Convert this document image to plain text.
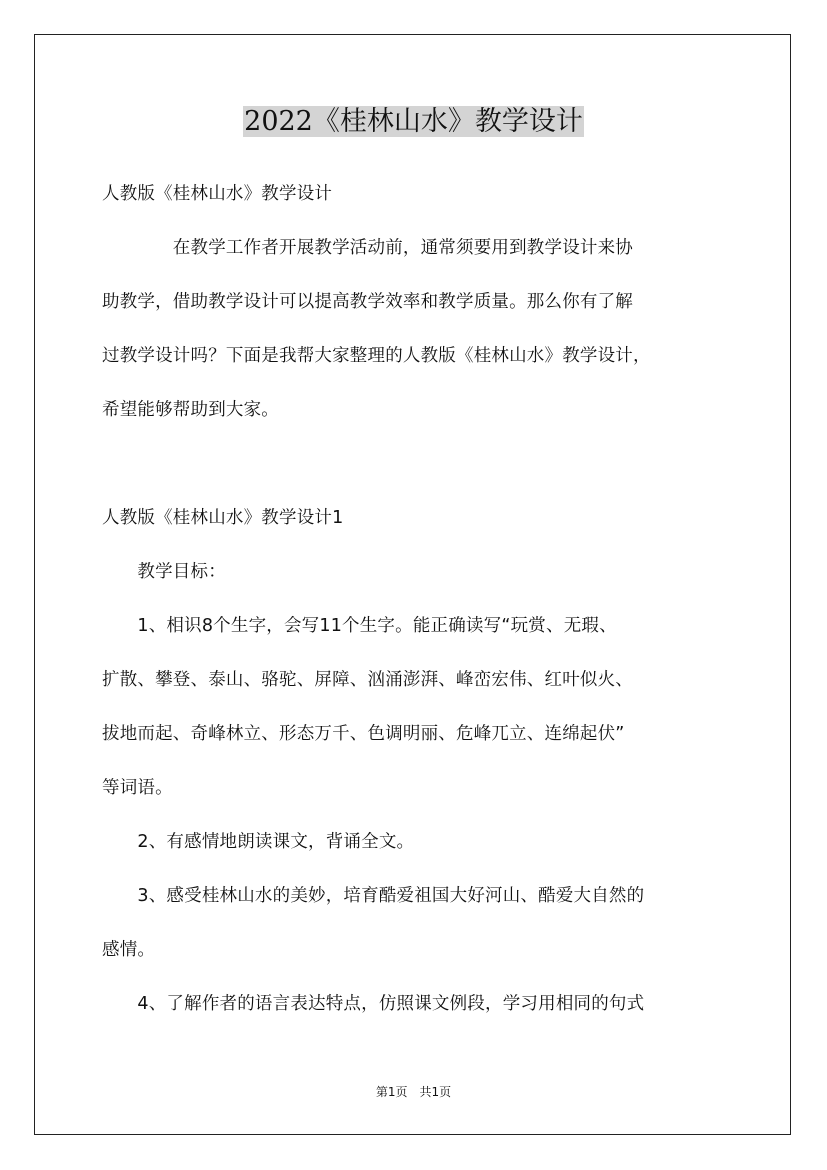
2022《桂林山水》教学设计
人教版《桂林山水》教学设计
　　　　在教学工作者开展教学活动前，通常须要用到教学设计来协
助教学，借助教学设计可以提高教学效率和教学质量。那么你有了解
过教学设计吗？下面是我帮大家整理的人教版《桂林山水》教学设计，
希望能够帮助到大家。
人教版《桂林山水》教学设计1
　　教学目标：
　　1、相识8个生字，会写11个生字。能正确读写“玩赏、无瑕、
扩散、攀登、泰山、骆驼、屏障、汹涌澎湃、峰峦宏伟、红叶似火、
拔地而起、奇峰林立、形态万千、色调明丽、危峰兀立、连绵起伏”
等词语。
　　2、有感情地朗读课文，背诵全文。
　　3、感受桂林山水的美妙，培育酷爱祖国大好河山、酷爱大自然的
感情。
　　4、了解作者的语言表达特点，仿照课文例段，学习用相同的句式
第1页　共1页
